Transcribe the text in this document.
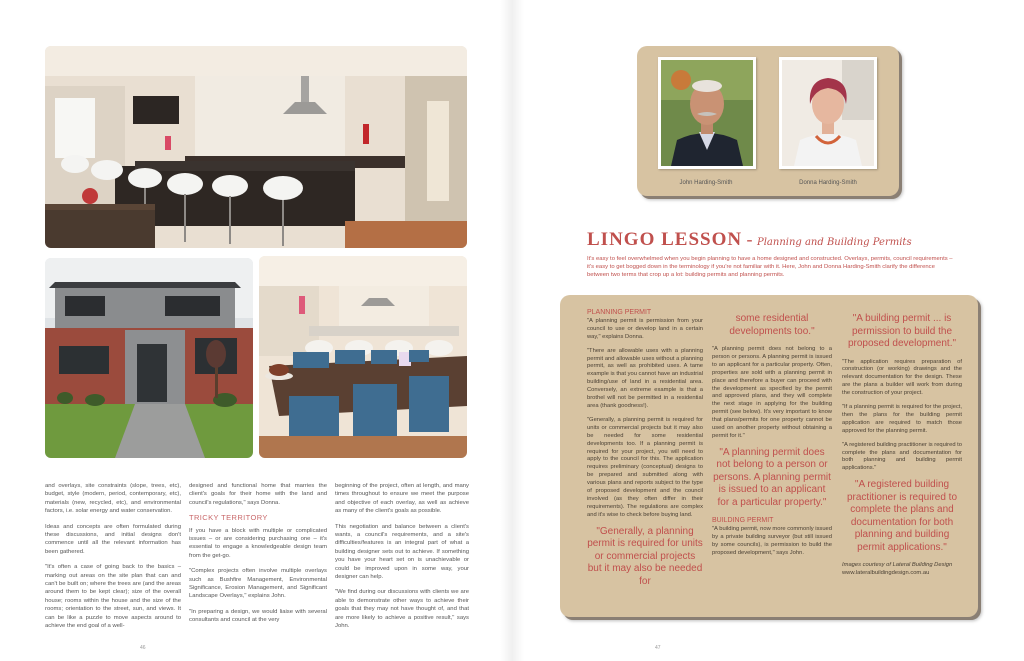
and overlays, site constraints (slope, trees, etc), budget, style (modern, period, contemporary, etc), materials (new, recycled, etc), and environmental factors, i.e. solar energy and water conservation.

Ideas and concepts are often formulated during these discussions, and initial designs don't commence until all the relevant information has been gathered.

"It's often a case of going back to the basics – marking out areas on the site plan that can and can't be built on; where the trees are (and the areas around them to be kept clear); size of the overall house; rooms within the house and the size of the rooms; orientation to the street, sun, and views. It can be like a puzzle to move aspects around to achieve the end goal of a well-

designed and functional home that marries the client's goals for their home with the land and council's regulations," says Donna.

TRICKY TERRITORY

If you have a block with multiple or complicated issues – or are considering purchasing one – it's essential to engage a knowledgeable design team from the get-go.

"Complex projects often involve multiple overlays such as Bushfire Management, Environmental Significance, Erosion Management, and Significant Landscape Overlays," explains John.

"In preparing a design, we would liaise with several consultants and council at the very

beginning of the project, often at length, and many times throughout to ensure we meet the purpose and objective of each overlay, as well as achieve as many of the client's goals as possible.

This negotiation and balance between a client's wants, a council's requirements, and a site's difficulties/features is an integral part of what a building designer sets out to achieve. If something you have your heart set on is unachievable or could be improved upon in some way, your designer can help.

"We find during our discussions with clients we are able to demonstrate other ways to achieve their goals that they may not have thought of, and that are more likely to achieve a positive result," says John.

46
John Harding-Smith	Donna Harding-Smith
LINGO LESSON - Planning and Building Permits
It's easy to feel overwhelmed when you begin planning to have a home designed and constructed. Overlays, permits, council requirements – it's easy to get bogged down in the terminology if you're not familiar with it. Here, John and Donna Harding-Smith clarify the difference between two terms that crop up a lot: building permits and planning permits.
PLANNING PERMIT

"A planning permit is permission from your council to use or develop land in a certain way," explains Donna.

"There are allowable uses with a planning permit and allowable uses without a planning permit, as well as prohibited uses. A tame example is that you cannot have an industrial building/use of land in a residential area. Conversely, an extreme example is that a brothel will not be permitted in a residential area (thank goodness!).

"Generally, a planning permit is required for units or commercial projects but it may also be needed for some residential developments too. If a planning permit is required for your project, you will need to apply to the council for this. The application requires preliminary (conceptual) designs to be prepared and submitted along with various plans and reports subject to the type of proposed development and the council involved (as they often differ in their requirements). The regulations are complex and it's wise to check before buying land.

"Generally, a planning permit is required for units or commercial projects but it may also be needed for
some residential developments too."

"A planning permit does not belong to a person or persons. A planning permit is issued to an applicant for a particular property. Often, properties are sold with a planning permit in place and therefore a buyer can proceed with the development as specified by the permit and approved plans, and they will complete the next stage in applying for the building permit (see below). It's very important to know that plans/permits for one property cannot be used on another property without obtaining a permit for it."

"A planning permit does not belong to a person or persons. A planning permit is issued to an applicant for a particular property."
BUILDING PERMIT

"A building permit, now more commonly issued by a private building surveyor (but still issued by some councils), is permission to build the proposed development," says John.

"A building permit ... is permission to build the proposed development."

"The application requires preparation of construction (or working) drawings and the relevant documentation for the design. These are the plans a builder will work from during the construction of your project.

"If a planning permit is required for the project, then the plans for the building permit application are required to match those approved for the planning permit.

"A registered building practitioner is required to complete the plans and documentation for both planning and building permit applications."

"A registered building practitioner is required to complete the plans and documentation for both planning and building permit applications."
Images courtesy of Lateral Building Design
www.lateralbuildingdesign.com.au
47
